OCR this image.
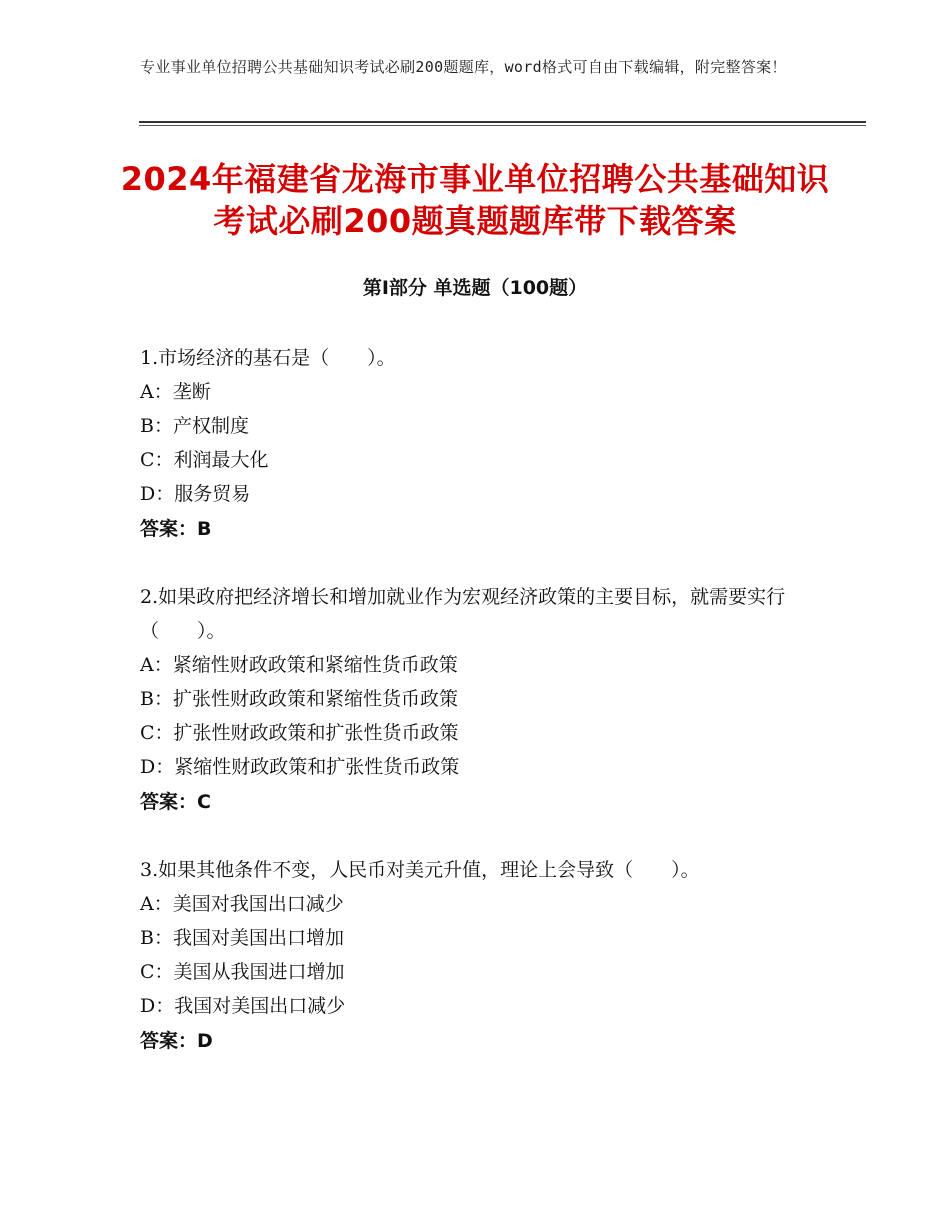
专业事业单位招聘公共基础知识考试必刷200题题库，word格式可自由下载编辑，附完整答案！
2024年福建省龙海市事业单位招聘公共基础知识考试必刷200题真题题库带下载答案
第Ⅰ部分 单选题（100题）

1.市场经济的基石是（　　）。

A：垄断

B：产权制度

C：利润最大化

D：服务贸易

答案：B

2.如果政府把经济增长和增加就业作为宏观经济政策的主要目标，就需要实行（　　）。

A：紧缩性财政政策和紧缩性货币政策

B：扩张性财政政策和紧缩性货币政策

C：扩张性财政政策和扩张性货币政策

D：紧缩性财政政策和扩张性货币政策

答案：C

3.如果其他条件不变，人民币对美元升值，理论上会导致（　　）。

A：美国对我国出口减少

B：我国对美国出口增加

C：美国从我国进口增加

D：我国对美国出口减少

答案：D
